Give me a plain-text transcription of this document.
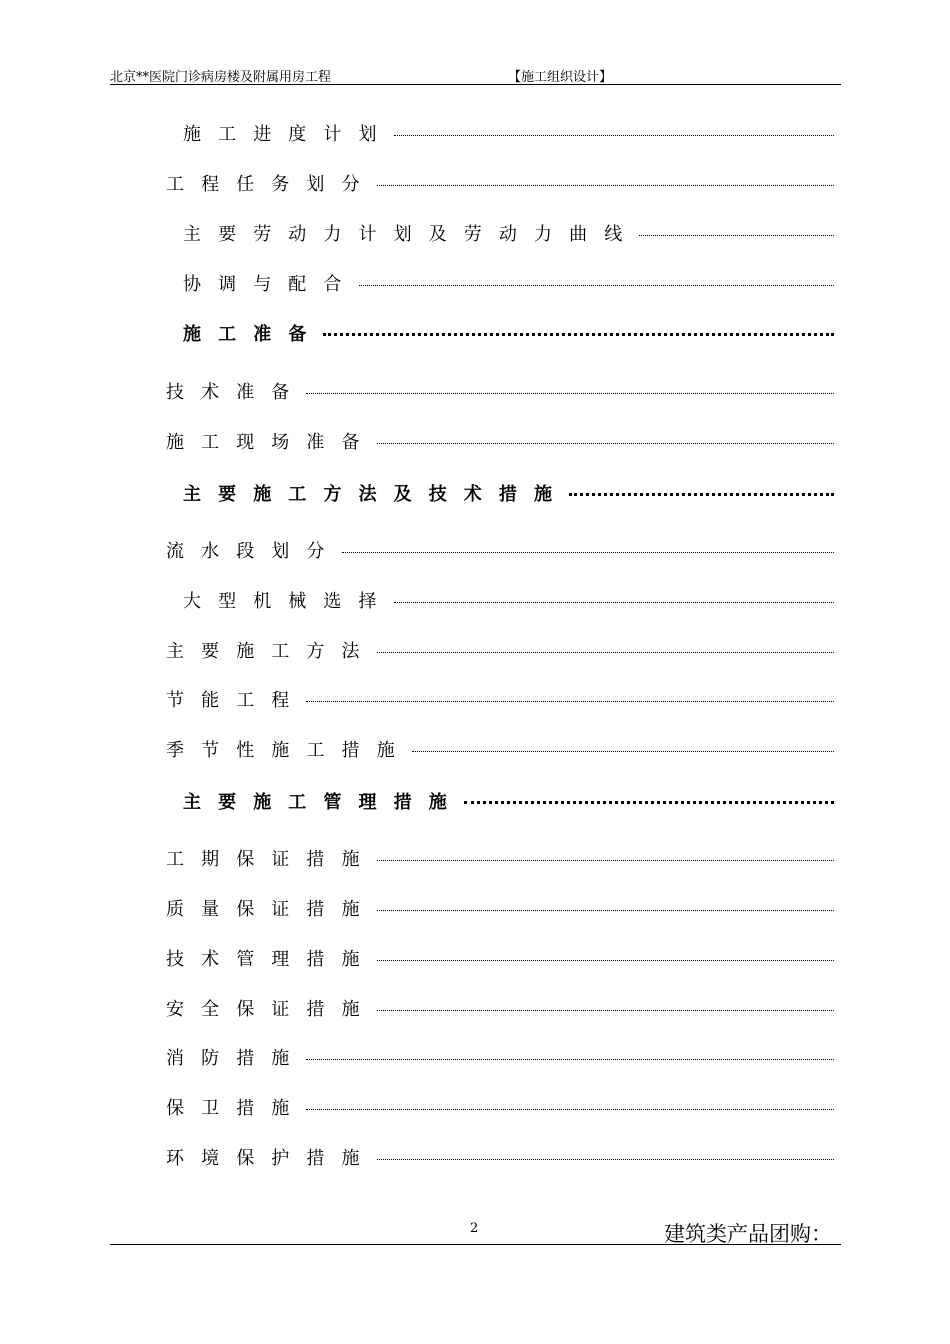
北京**医院门诊病房楼及附属用房工程	【施工组织设计】
施工进度计划
工程任务划分
主要劳动力计划及劳动力曲线
协调与配合
施工准备
技术准备
施工现场准备
主要施工方法及技术措施
流水段划分
大型机械选择
主要施工方法
节能工程
季节性施工措施
主要施工管理措施
工期保证措施
质量保证措施
技术管理措施
安全保证措施
消防措施
保卫措施
环境保护措施
2	建筑类产品团购：
